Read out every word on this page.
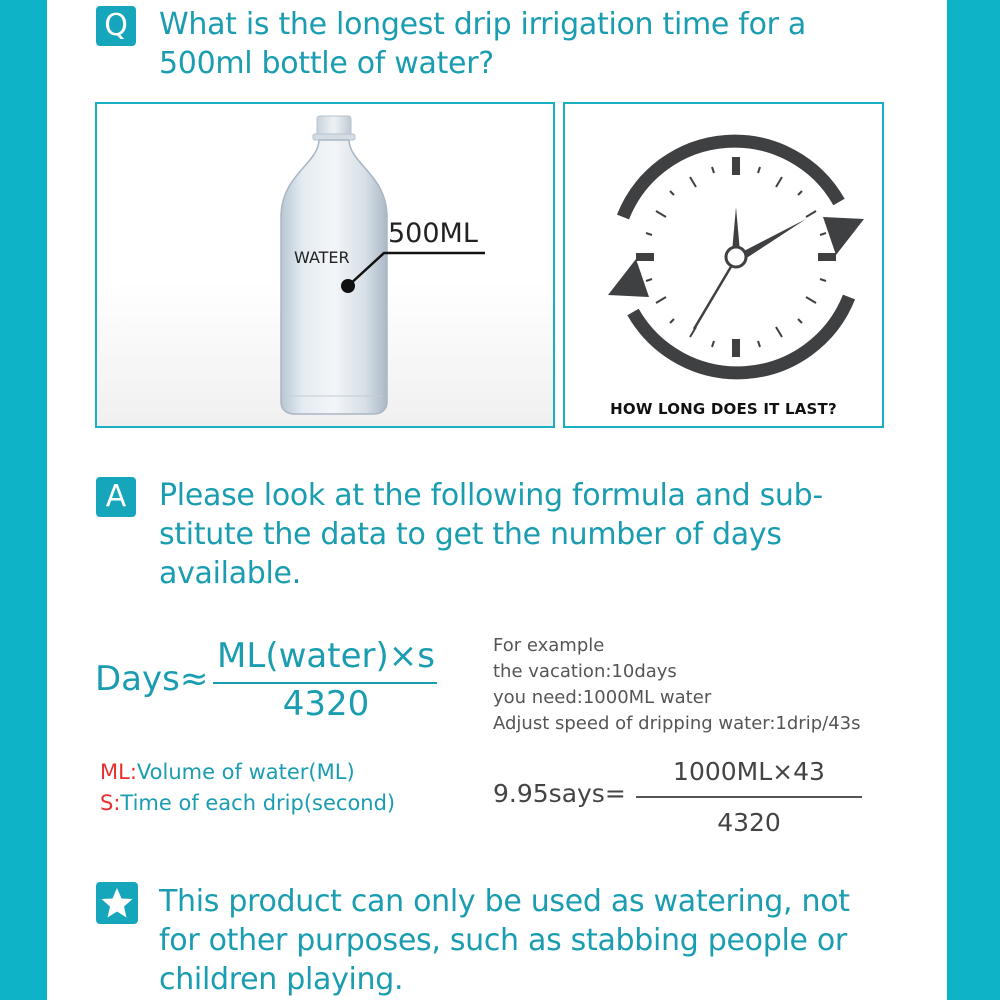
Q What is the longest drip irrigation time for a
500ml bottle of water?
WATER
500ML
HOW LONG DOES IT LAST?
A	Please look at the following formula and sub-
stitute the data to get the number of days
available.
Days≈
ML(water)×s
4320
ML:Volume of water(ML)
S:Time of each drip(second)
For example
the vacation:10days
you need:1000ML water
Adjust speed of dripping water:1drip/43s
9.95says=
1000ML×43
4320
This product can only be used as watering, not
for other purposes, such as stabbing people or
children playing.
